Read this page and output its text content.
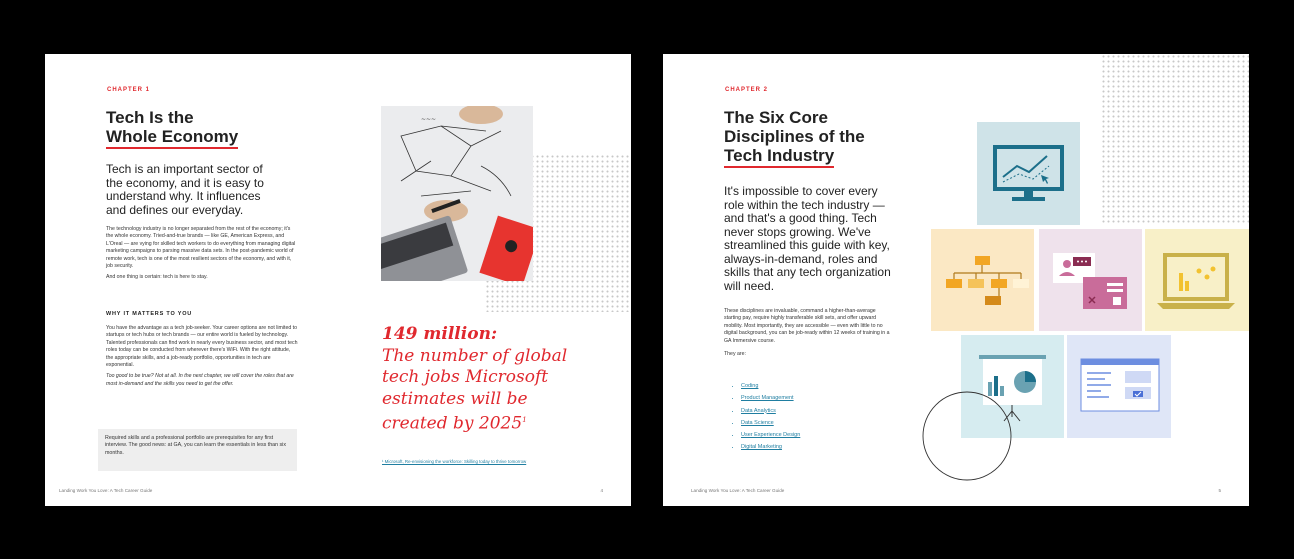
CHAPTER 1
Tech Is the
Whole Economy
Tech is an important sector of the economy, and it is easy to understand why. It influences and defines our everyday.

The technology industry is no longer separated from the rest of the economy; it's the whole economy. Tried-and-true brands — like GE, American Express, and L'Oreal — are vying for skilled tech workers to do everything from managing digital marketing campaigns to parsing massive data sets. In the post-pandemic world of remote work, tech is one of the most resilient sectors of the economy, and with it, job security.

And one thing is certain: tech is here to stay.

WHY IT MATTERS TO YOU

You have the advantage as a tech job-seeker. Your career options are not limited to startups or tech hubs or tech brands — our entire world is fueled by technology. Talented professionals can find work in nearly every business sector, and most tech roles today can be conducted from wherever there's WiFi. With the right attitude, the appropriate skills, and a job-ready portfolio, opportunities in tech are exponential.

Too good to be true? Not at all. In the next chapter, we will cover the roles that are most in-demand and the skills you need to get the offer.

Required skills and a professional portfolio are prerequisites for any first interview. The good news: at GA, you can learn the essentials in less than six months.
~~~
149 million:
The number of global
tech jobs Microsoft
estimates will be
created by 2025$^1$
¹ Microsoft, Re-envisioning the workforce: Skilling today to thrive tomorrow
Landing Work You Love: A Tech Career Guide	4
CHAPTER 2
The Six Core
Disciplines of the
Tech Industry
It's impossible to cover every role within the tech industry — and that's a good thing. Tech never stops growing. We've streamlined this guide with key, always-in-demand, roles and skills that any tech organization will need.

These disciplines are invaluable, command a higher-than-average starting pay, require highly transferable skill sets, and offer upward mobility. Most importantly, they are accessible — even with little to no digital background, you can be job-ready within 12 weeks of training in a GA Immersive course.

They are:

• Coding
• Product Management
• Data Analytics
• Data Science
• User Experience Design
• Digital Marketing
Landing Work You Love: A Tech Career Guide	5
